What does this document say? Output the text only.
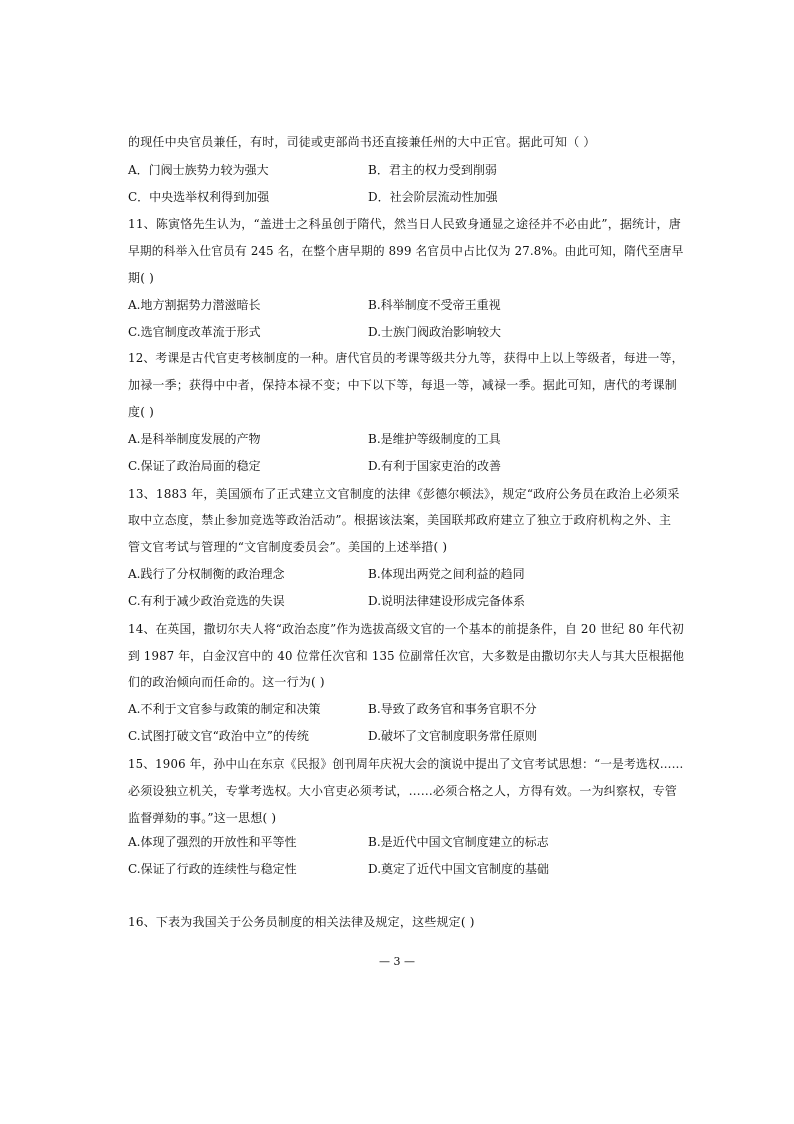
的现任中央官员兼任，有时，司徒或吏部尚书还直接兼任州的大中正官。据此可知（ ）
A．门阀士族势力较为强大	B．君主的权力受到削弱
C．中央选举权利得到加强	D．社会阶层流动性加强
11、陈寅恪先生认为，“盖进士之科虽创于隋代，然当日人民致身通显之途径并不必由此”，据统计，唐
早期的科举入仕官员有 245 名，在整个唐早期的 899 名官员中占比仅为 27.8%。由此可知，隋代至唐早
期( )
A.地方割据势力潜滋暗长	B.科举制度不受帝王重视
C.选官制度改革流于形式	D.士族门阀政治影响较大
12、考课是古代官吏考核制度的一种。唐代官员的考课等级共分九等，获得中上以上等级者，每进一等，
加禄一季；获得中中者，保持本禄不变；中下以下等，每退一等，减禄一季。据此可知，唐代的考课制
度( )
A.是科举制度发展的产物	B.是维护等级制度的工具
C.保证了政治局面的稳定	D.有利于国家吏治的改善
13、1883 年，美国颁布了正式建立文官制度的法律《彭德尔顿法》，规定“政府公务员在政治上必须采
取中立态度，禁止参加竞选等政治活动”。根据该法案，美国联邦政府建立了独立于政府机构之外、主
管文官考试与管理的“文官制度委员会”。美国的上述举措( )
A.践行了分权制衡的政治理念	B.体现出两党之间利益的趋同
C.有利于减少政治竞选的失误	D.说明法律建设形成完备体系
14、在英国，撒切尔夫人将“政治态度”作为选拔高级文官的一个基本的前提条件，自 20 世纪 80 年代初
到 1987 年，白金汉宫中的 40 位常任次官和 135 位副常任次官，大多数是由撒切尔夫人与其大臣根据他
们的政治倾向而任命的。这一行为( )
A.不利于文官参与政策的制定和决策	B.导致了政务官和事务官职不分
C.试图打破文官“政治中立”的传统	D.破坏了文官制度职务常任原则
15、1906 年，孙中山在东京《民报》创刊周年庆祝大会的演说中提出了文官考试思想：“一是考选权……
必须设独立机关，专掌考选权。大小官吏必须考试，……必须合格之人，方得有效。一为纠察权，专管
监督弹劾的事。”这一思想( )
A.体现了强烈的开放性和平等性	B.是近代中国文官制度建立的标志
C.保证了行政的连续性与稳定性	D.奠定了近代中国文官制度的基础
16、下表为我国关于公务员制度的相关法律及规定，这些规定( )
— 3 —
